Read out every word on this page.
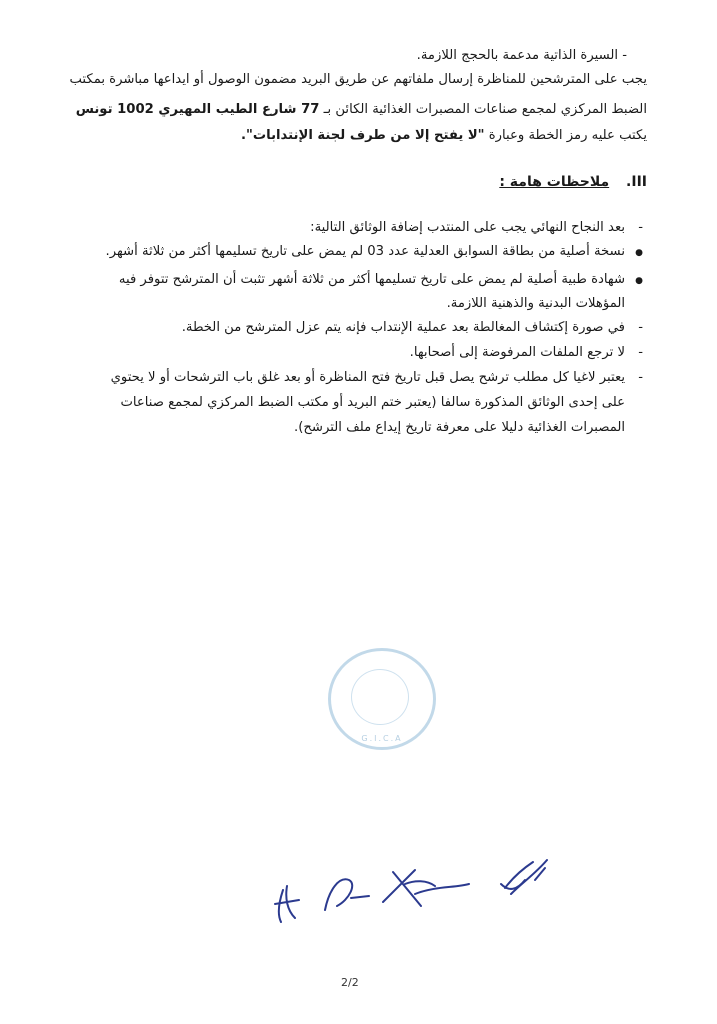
- السيرة الذاتية مدعمة بالحجج اللازمة.
يجب على المترشحين للمناظرة إرسال ملفاتهم عن طريق البريد مضمون الوصول أو ايداعها مباشرة بمكتب
الضبط المركزي لمجمع صناعات المصبرات الغذائية الكائن بـ 77 شارع الطيب المهيري 1002 تونس
يكتب عليه رمز الخطة وعبارة "لا يفتح إلا من طرف لجنة الإنتدابات".
III. ملاحظات هامة :
- بعد النجاح النهائي يجب على المنتدب إضافة الوثائق التالية:
● نسخة أصلية من بطاقة السوابق العدلية عدد 03 لم يمض على تاريخ تسليمها أكثر من ثلاثة أشهر.
● شهادة طبية أصلية لم يمض على تاريخ تسليمها أكثر من ثلاثة أشهر تثبت أن المترشح تتوفر فيه
المؤهلات البدنية والذهنية اللازمة.
- في صورة إكتشاف المغالطة بعد عملية الإنتداب فإنه يتم عزل المترشح من الخطة.
- لا ترجع الملفات المرفوضة إلى أصحابها.
- يعتبر لاغيا كل مطلب ترشح يصل قبل تاريخ فتح المناظرة أو بعد غلق باب الترشحات أو لا يحتوي
على إحدى الوثائق المذكورة سالفا (يعتبر ختم البريد أو مكتب الضبط المركزي لمجمع صناعات
المصبرات الغذائية دليلا على معرفة تاريخ إيداع ملف الترشح).
G.I.C.A
2/2
